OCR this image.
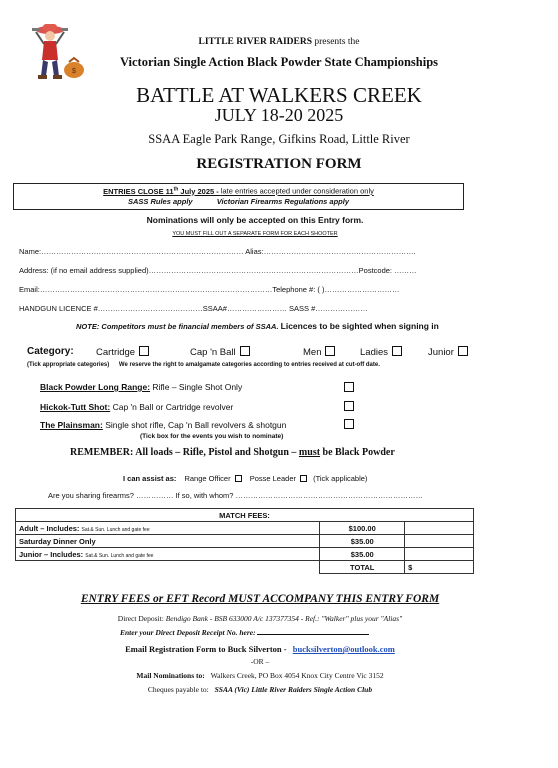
$
LITTLE RIVER RAIDERS presents the
Victorian Single Action Black Powder State Championships
BATTLE AT WALKERS CREEK
JULY 18-20 2025
SSAA Eagle Park Range, Gifkins Road, Little River
REGISTRATION FORM
ENTRIES CLOSE 11th July 2025 - late entries accepted under consideration only
SASS Rules apply	Victorian Firearms Regulations apply
Nominations will only be accepted on this Entry form.
YOU MUST FILL OUT A SEPARATE FORM FOR EACH SHOOTER
Name:……………………………………………………………………… Alias:…………………………………………………….
Address: (if no email address supplied)…………………………………………………………………………Postcode: ………
Email:…………………………………………………………………………………Telephone #: ( )…………………………
HANDGUN LICENCE #……………………………………SSAA#…………………… SASS #…………………
NOTE: Competitors must be financial members of SSAA. Licences to be sighted when signing in
Category: Cartridge	Cap 'n Ball	Men	Ladies	Junior
(Tick appropriate categories) We reserve the right to amalgamate categories according to entries received at cut-off date.
Black Powder Long Range: Rifle – Single Shot Only
Hickok-Tutt Shot: Cap 'n Ball or Cartridge revolver
The Plainsman: Single shot rifle, Cap 'n Ball revolvers & shotgun
(Tick box for the events you wish to nominate)
REMEMBER: All loads – Rifle, Pistol and Shotgun – must be Black Powder
I can assist as: Range Officer	Posse Leader (Tick applicable)
Are you sharing firearms? …………… If so, with whom? …………………………………………………………………
MATCH FEES:		
Adult – Includes: Sat.& Sun. Lunch and gate fee	$100.00	
Saturday Dinner Only	$35.00	
Junior – Includes: Sat.& Sun. Lunch and gate fee	$35.00	
	TOTAL	$
ENTRY FEES or EFT Record MUST ACCOMPANY THIS ENTRY FORM
Direct Deposit: Bendigo Bank - BSB 633000 A/c 137377354 - Ref.: "Walker" plus your "Alias"
Enter your Direct Deposit Receipt No. here:
Email Registration Form to Buck Silverton - bucksilverton@outlook.com
-OR –
Mail Nominations to: Walkers Creek, PO Box 4054 Knox City Centre Vic 3152
Cheques payable to: SSAA (Vic) Little River Raiders Single Action Club
